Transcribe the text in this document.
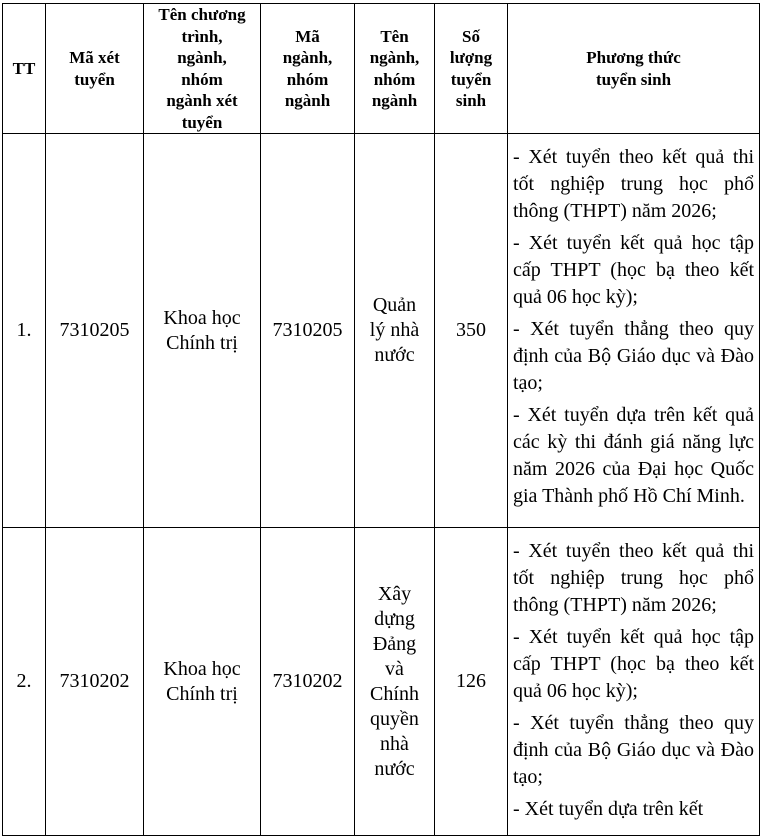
TT	Mã xét tuyển	Tên chương trình, ngành, nhóm ngành xét tuyển	Mã ngành, nhóm ngành	Tên ngành, nhóm ngành	Số lượng tuyển sinh	Phương thức tuyển sinh
1.	7310205	Khoa học Chính trị	7310205	Quản lý nhà nước	350	- Xét tuyển theo kết quả thi tốt nghiệp trung học phổ thông (THPT) năm 2026;
- Xét tuyển kết quả học tập cấp THPT (học bạ theo kết quả 06 học kỳ);
- Xét tuyển thẳng theo quy định của Bộ Giáo dục và Đào tạo;
- Xét tuyển dựa trên kết quả các kỳ thi đánh giá năng lực năm 2026 của Đại học Quốc gia Thành phố Hồ Chí Minh.

2.	7310202	Khoa học Chính trị	7310202	Xây dựng Đảng và Chính quyền nhà nước	126	- Xét tuyển theo kết quả thi tốt nghiệp trung học phổ thông (THPT) năm 2026;
- Xét tuyển kết quả học tập cấp THPT (học bạ theo kết quả 06 học kỳ);
- Xét tuyển thẳng theo quy định của Bộ Giáo dục và Đào tạo;
- Xét tuyển dựa trên kết
